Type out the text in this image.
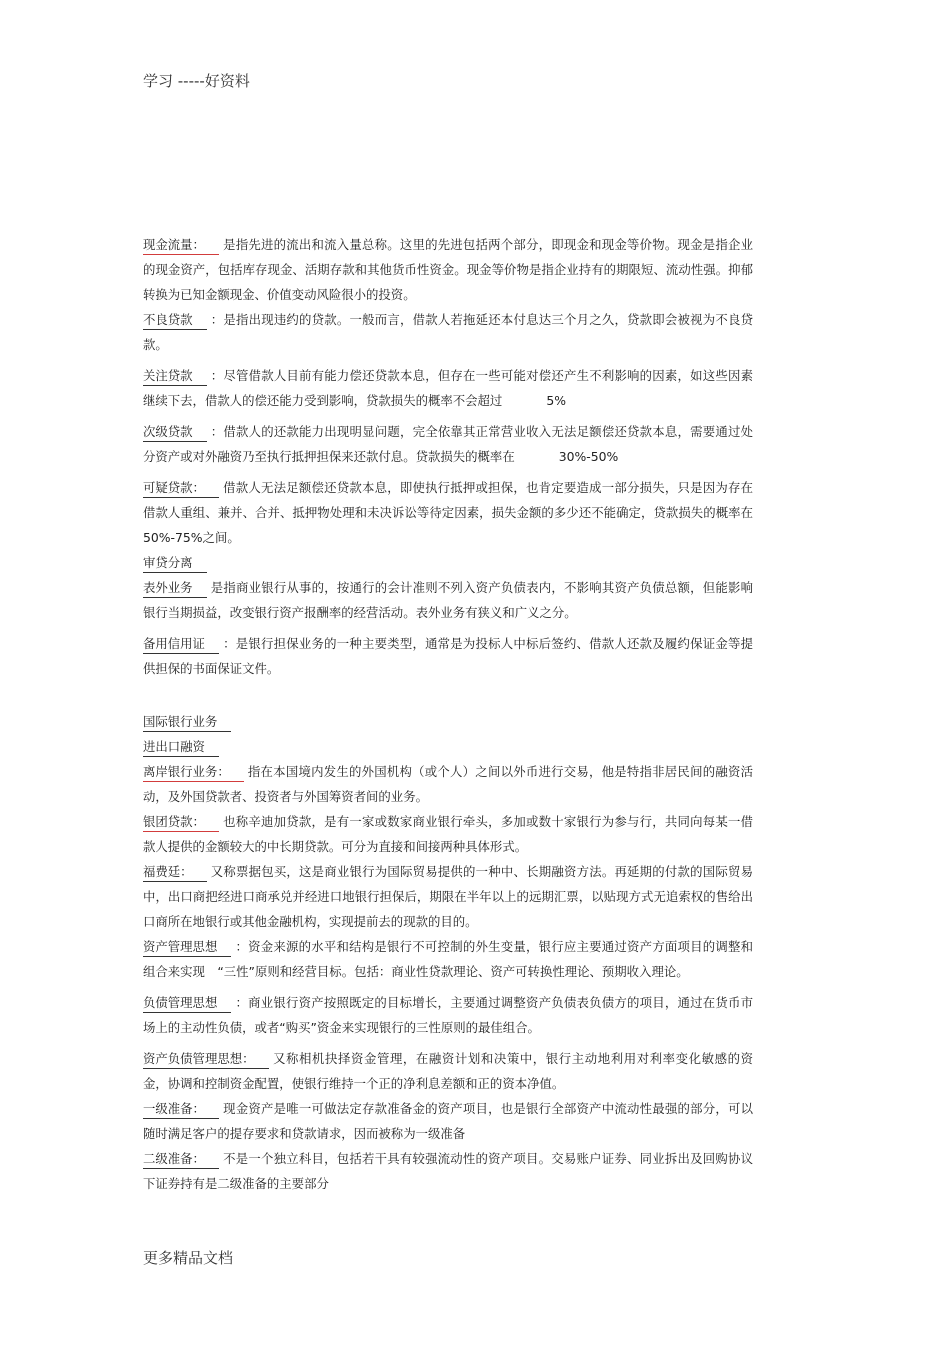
学习 -----好资料

现金流量： 是指先进的流出和流入量总称。这里的先进包括两个部分，即现金和现金等价物。现金是指企业的现金资产，包括库存现金、活期存款和其他货币性资金。现金等价物是指企业持有的期限短、流动性强。抑郁转换为已知金额现金、价值变动风险很小的投资。

不良贷款 ：是指出现违约的贷款。一般而言，借款人若拖延还本付息达三个月之久，贷款即会被视为不良贷款。

关注贷款 ：尽管借款人目前有能力偿还贷款本息，但存在一些可能对偿还产生不利影响的因素，如这些因素继续下去，借款人的偿还能力受到影响，贷款损失的概率不会超过	5%

次级贷款 ：借款人的还款能力出现明显问题，完全依靠其正常营业收入无法足额偿还贷款本息，需要通过处分资产或对外融资乃至执行抵押担保来还款付息。贷款损失的概率在	30%-50%

可疑贷款： 借款人无法足额偿还贷款本息，即使执行抵押或担保，也肯定要造成一部分损失，只是因为存在借款人重组、兼并、合并、抵押物处理和未决诉讼等待定因素，损失金额的多少还不能确定，贷款损失的概率在　50%-75%之间。

审贷分离

表外业务 是指商业银行从事的，按通行的会计准则不列入资产负债表内，不影响其资产负债总额，但能影响银行当期损益，改变银行资产报酬率的经营活动。表外业务有狭义和广义之分。

备用信用证 ：是银行担保业务的一种主要类型，通常是为投标人中标后签约、借款人还款及履约保证金等提供担保的书面保证文件。

国际银行业务

进出口融资

离岸银行业务： 指在本国境内发生的外国机构（或个人）之间以外币进行交易，他是特指非居民间的融资活动，及外国贷款者、投资者与外国筹资者间的业务。

银团贷款： 也称辛迪加贷款，是有一家或数家商业银行牵头，多加或数十家银行为参与行，共同向每某一借款人提供的金额较大的中长期贷款。可分为直接和间接两种具体形式。

福费廷： 又称票据包买，这是商业银行为国际贸易提供的一种中、长期融资方法。再延期的付款的国际贸易中，出口商把经进口商承兑并经进口地银行担保后，期限在半年以上的远期汇票，以贴现方式无追索权的售给出口商所在地银行或其他金融机构，实现提前去的现款的目的。

资产管理思想 ：资金来源的水平和结构是银行不可控制的外生变量，银行应主要通过资产方面项目的调整和组合来实现　“三性”原则和经营目标。包括：商业性贷款理论、资产可转换性理论、预期收入理论。

负债管理思想 ：商业银行资产按照既定的目标增长，主要通过调整资产负债表负债方的项目，通过在货币市场上的主动性负债，或者“购买”资金来实现银行的三性原则的最佳组合。

资产负债管理思想： 又称相机抉择资金管理，在融资计划和决策中，银行主动地利用对利率变化敏感的资金，协调和控制资金配置，使银行维持一个正的净利息差额和正的资本净值。

一级准备： 现金资产是唯一可做法定存款准备金的资产项目，也是银行全部资产中流动性最强的部分，可以随时满足客户的提存要求和贷款请求，因而被称为一级准备

二级准备： 不是一个独立科目，包括若干具有较强流动性的资产项目。交易账户证券、同业拆出及回购协议下证券持有是二级准备的主要部分

更多精品文档
